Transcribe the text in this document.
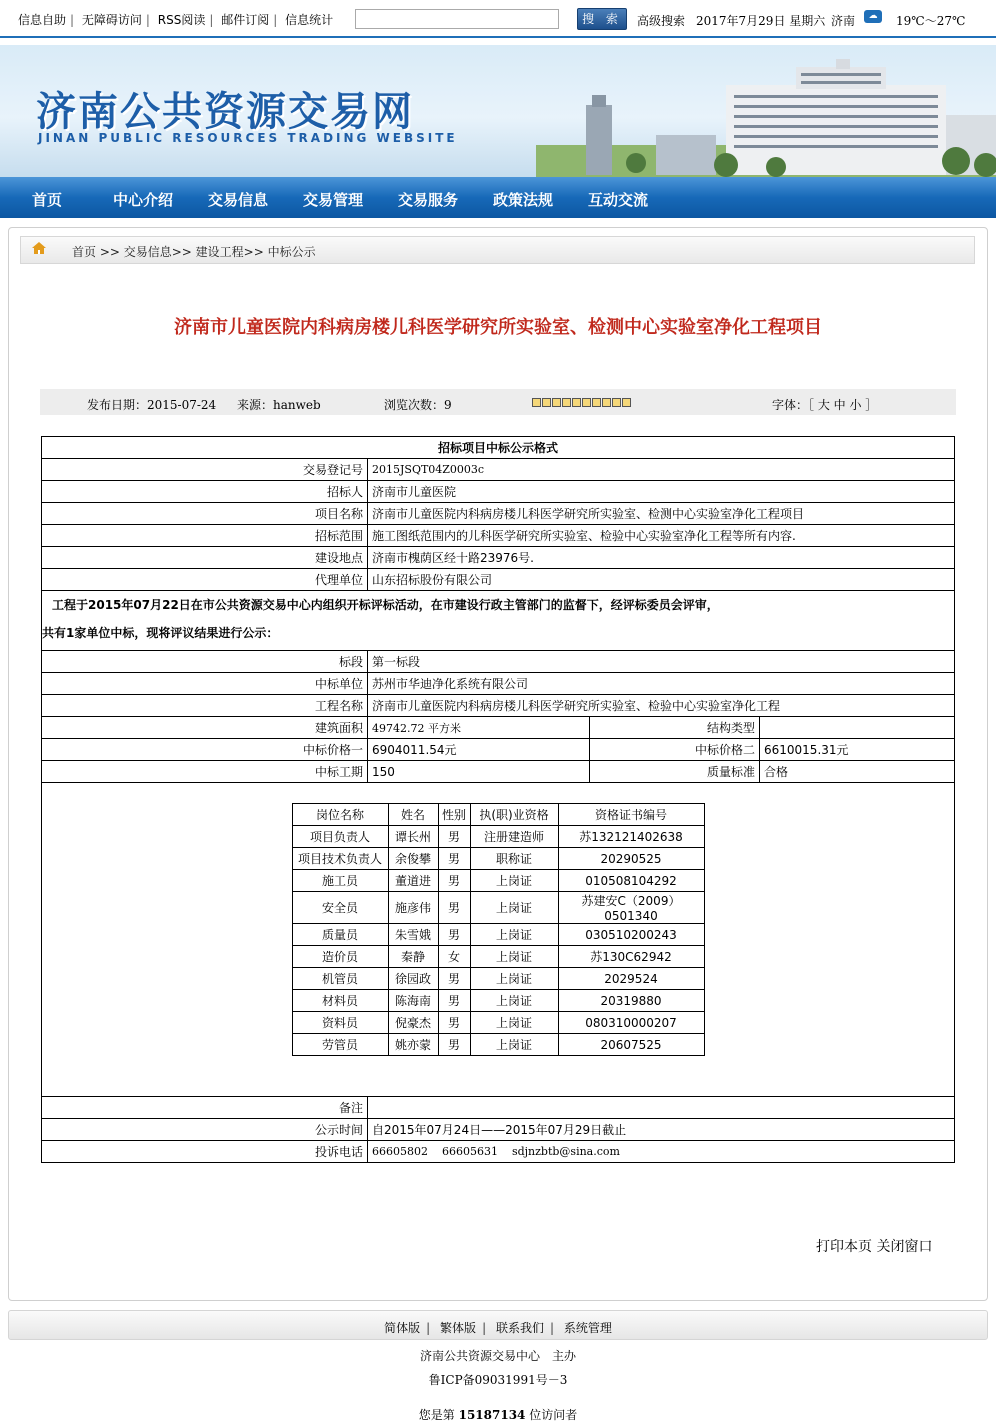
信息自助 | 无障碍访问 | RSS阅读 | 邮件订阅 | 信息统计	搜 索	高级搜索 2017年7月29日 星期六 济南	☁	19℃～27℃
济南公共资源交易网
JINAN PUBLIC RESOURCES TRADING WEBSITE
首页	中心介绍 交易信息 交易管理 交易服务 政策法规 互动交流
首页 >> 交易信息>> 建设工程>> 中标公示
济南市儿童医院内科病房楼儿科医学研究所实验室、检测中心实验室净化工程项目
发布日期：2015-07-24 来源：hanweb	浏览次数：9	字体：［ 大 中 小 ］
招标项目中标公示格式
交易登记号	2015JSQT04Z0003c
招标人	济南市儿童医院
项目名称	济南市儿童医院内科病房楼儿科医学研究所实验室、检测中心实验室净化工程项目
招标范围	施工图纸范围内的儿科医学研究所实验室、检验中心实验室净化工程等所有内容.
建设地点	济南市槐荫区经十路23976号.
代理单位	山东招标股份有限公司

工程于2015年07月22日在市公共资源交易中心内组织开标评标活动，在市建设行政主管部门的监督下，经评标委员会评审，
共有1家单位中标，现将评议结果进行公示：

标段	第一标段
中标单位	苏州市华迪净化系统有限公司
工程名称	济南市儿童医院内科病房楼儿科医学研究所实验室、检验中心实验室净化工程
建筑面积	49742.72 平方米	结构类型	
中标价格一	6904011.54元	中标价格二	6610015.31元
中标工期	150	质量标准	合格

岗位名称	姓名	性别	执(职)业资格	资格证书编号
项目负责人	谭长州	男	注册建造师	苏132121402638
项目技术负责人	余俊攀	男	职称证	20290525
施工员	董道进	男	上岗证	010508104292
安全员	施彦伟	男	上岗证	苏建安C（2009）0501340
质量员	朱雪娥	男	上岗证	030510200243
造价员	秦静	女	上岗证	苏130C62942
机管员	徐园政	男	上岗证	2029524
材料员	陈海南	男	上岗证	20319880
资料员	倪豪杰	男	上岗证	080310000207
劳管员	姚亦蒙	男	上岗证	20607525

备注	
公示时间	自2015年07月24日——2015年07月29日截止
投诉电话	66605802    66605631    sdjnzbtb@sina.com
打印本页 关闭窗口
简体版 | 繁体版 | 联系我们 | 系统管理
济南公共资源交易中心　主办
鲁ICP备09031991号－3
您是第 15187134 位访问者
